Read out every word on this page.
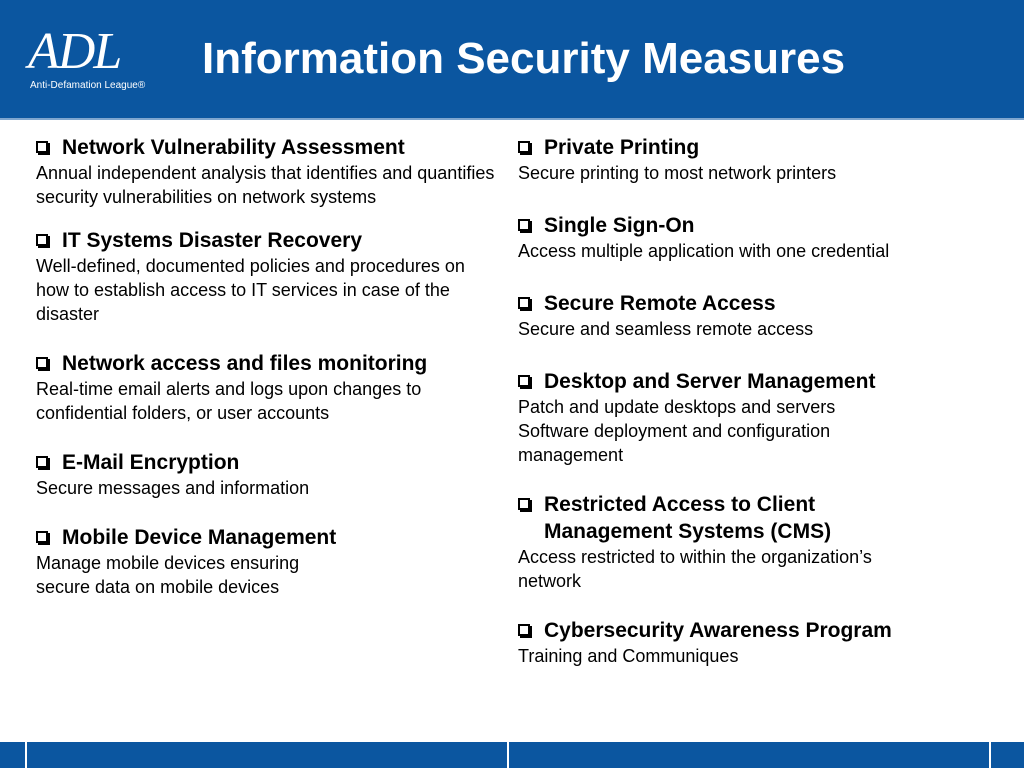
ADL
Anti-Defamation League®
Information Security Measures
Network Vulnerability Assessment
Annual independent analysis that identifies and quantifies security vulnerabilities on network systems
IT Systems Disaster Recovery
Well-defined, documented policies and procedures on how to establish access to IT services in case of the disaster
Network access and files monitoring
Real-time email alerts and logs upon changes to confidential folders, or user accounts
E-Mail Encryption
Secure messages and information
Mobile Device Management
Manage mobile devices ensuring secure data on mobile devices
Private Printing
Secure printing to most network printers
Single Sign-On
Access multiple application with one credential
Secure Remote Access
Secure and seamless remote access
Desktop and Server Management
Patch and update desktops and servers Software deployment and configuration management
Restricted Access to Client Management Systems (CMS)
Access restricted to within the organization’s network
Cybersecurity Awareness Program
Training and Communiques
